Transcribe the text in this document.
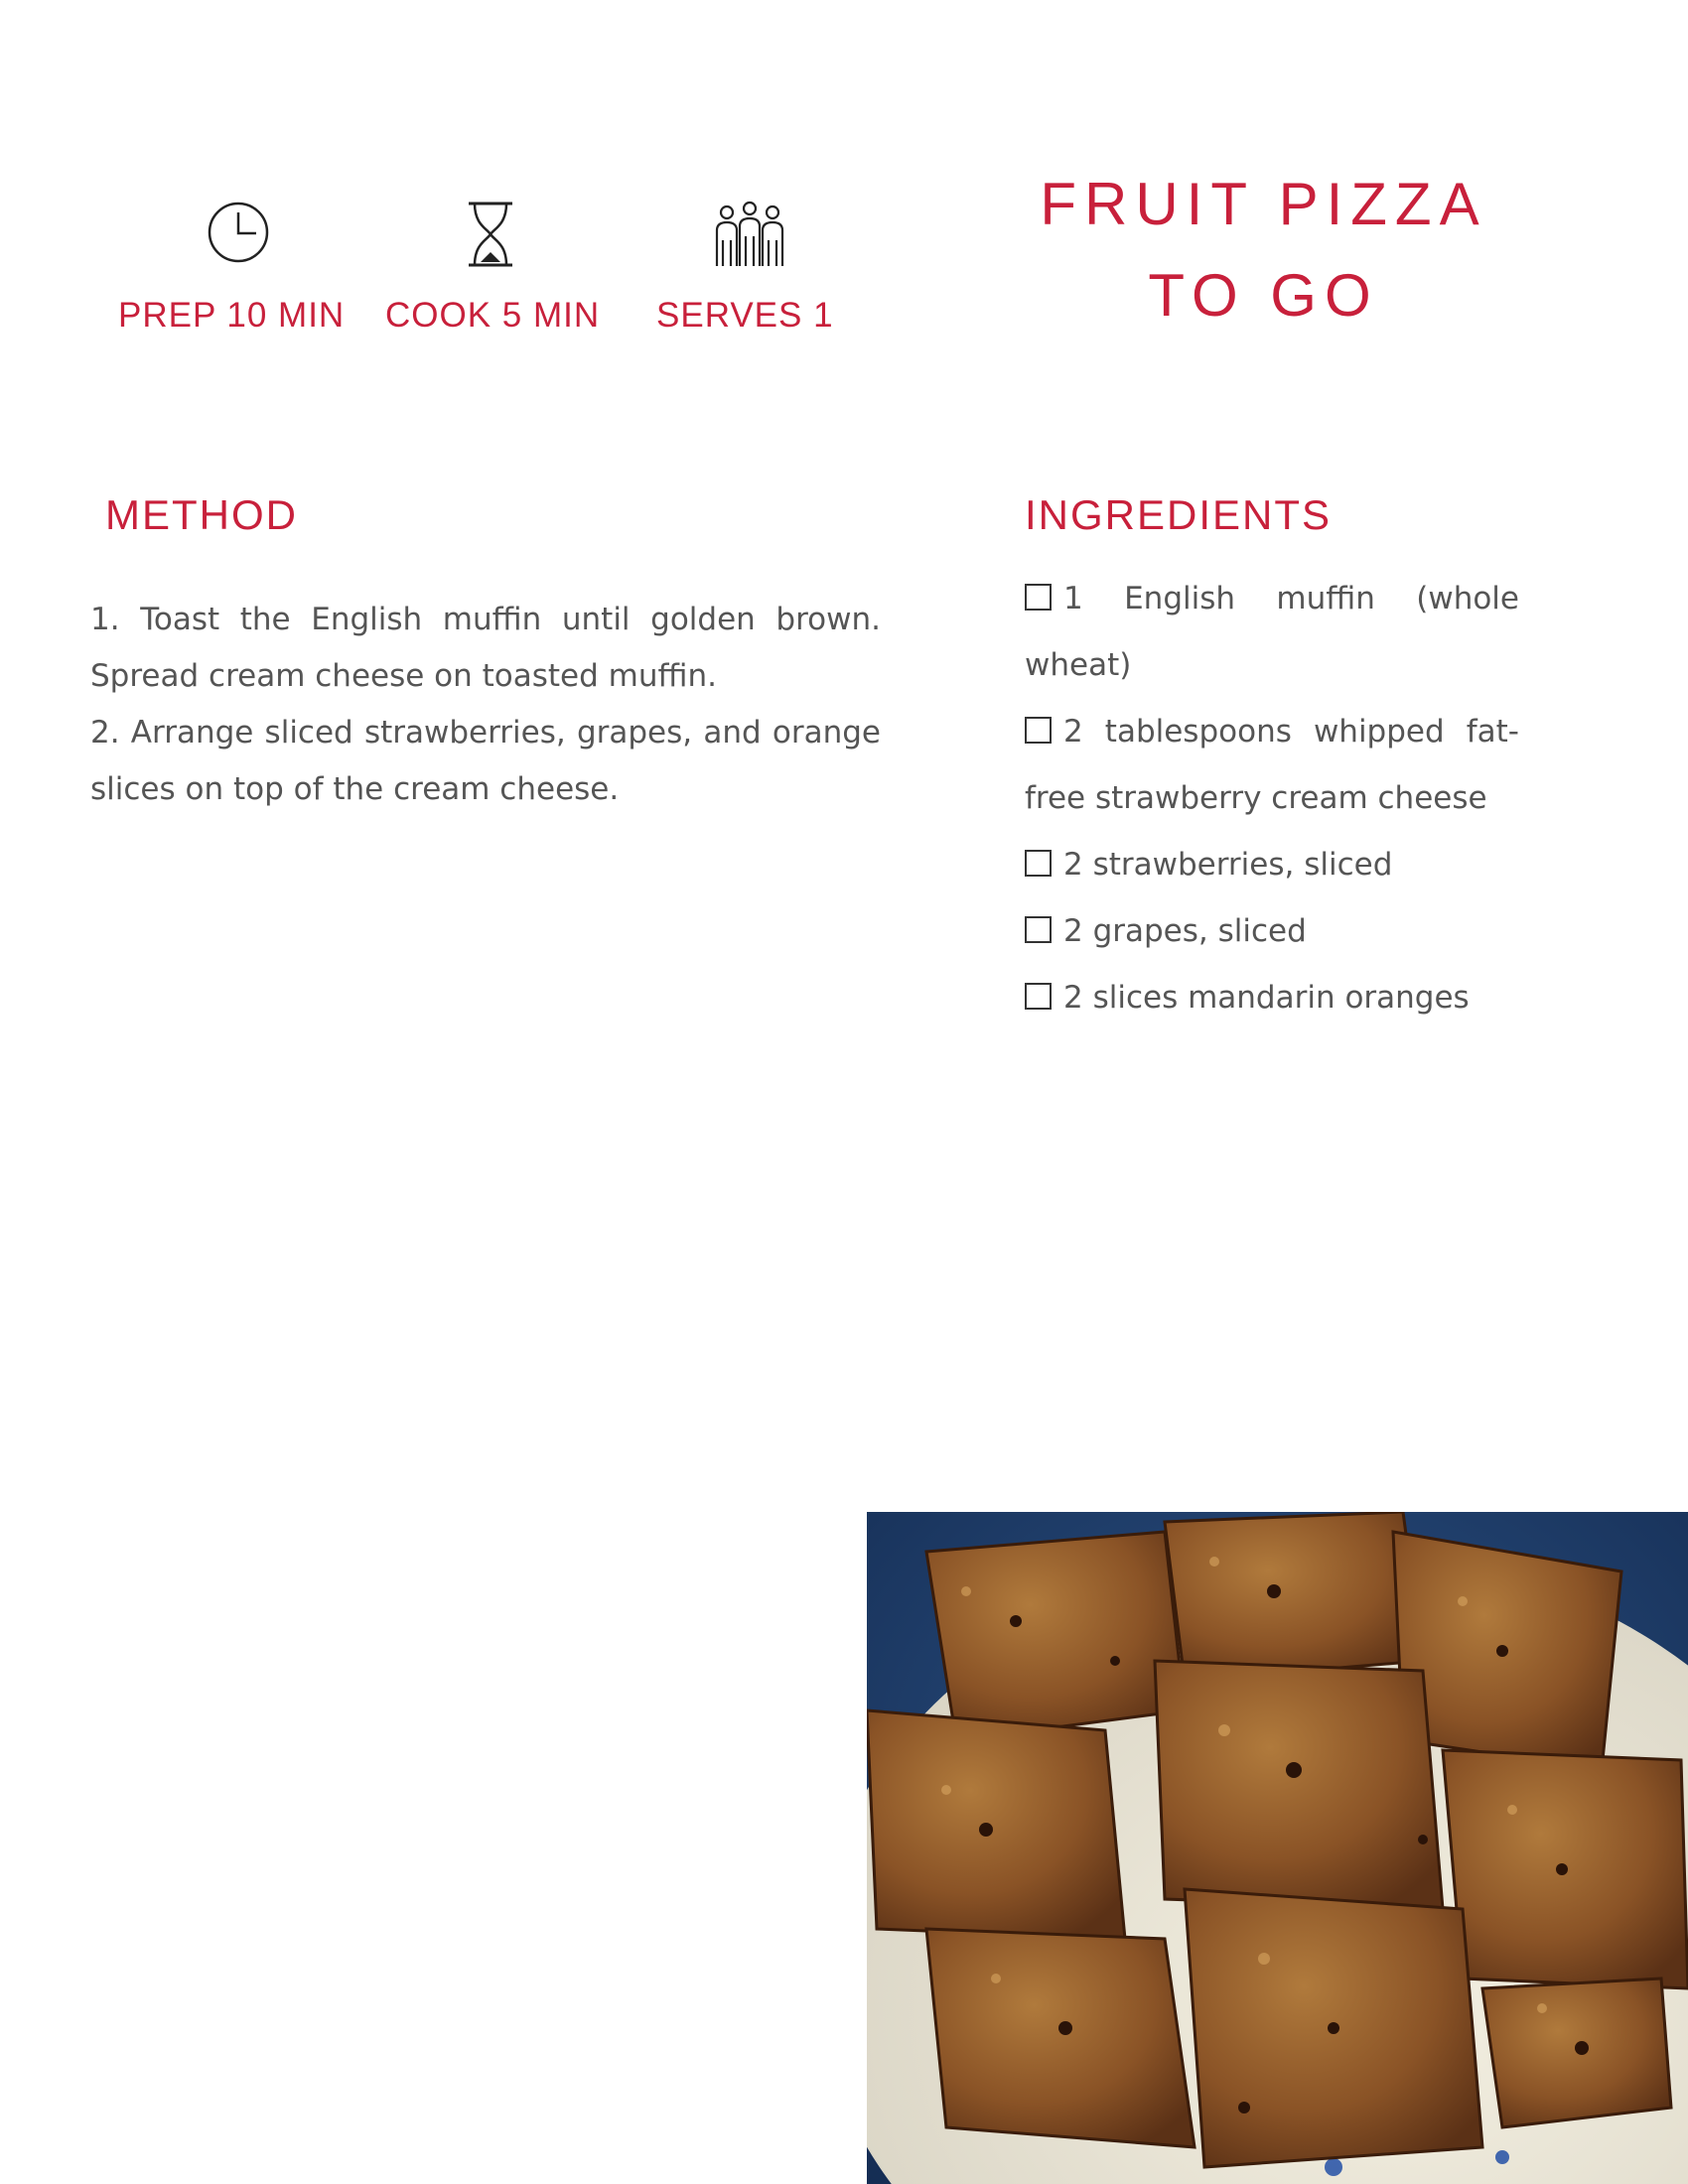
PREP 10 MIN COOK 5 MIN SERVES 1
FRUIT PIZZA
TO GO
METHOD
1. Toast the English muffin until golden brown. Spread cream cheese on toasted muffin.
2. Arrange sliced strawberries, grapes, and orange slices on top of the cream cheese.
INGREDIENTS
1 English muffin (whole wheat)
2 tablespoons whipped fat-free strawberry cream cheese
2 strawberries, sliced
2 grapes, sliced
2 slices mandarin oranges
